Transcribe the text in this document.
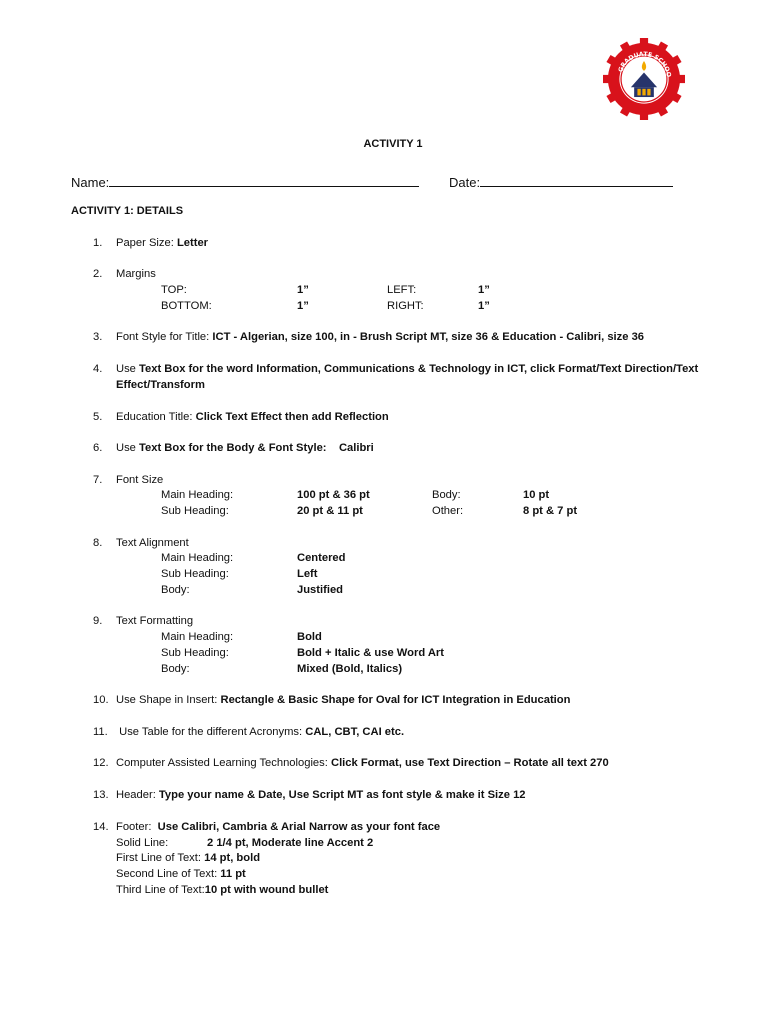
GRADUATE SCHOO
ACTIVITY 1
Name:	Date:
ACTIVITY 1: DETAILS
1.	Paper Size: Letter
2.	Margins
TOP:	1”	LEFT:	1”
BOTTOM:	1”	RIGHT:	1”
3.	Font Style for Title: ICT - Algerian, size 100, in - Brush Script MT, size 36 & Education - Calibri, size 36
4.	Use Text Box for the word Information, Communications & Technology in ICT, click Format/Text Direction/Text Effect/Transform
5.	Education Title: Click Text Effect then add Reflection
6.	Use Text Box for the Body & Font Style: Calibri
7.	Font Size
Main Heading:	100 pt & 36 pt	Body:	10 pt
Sub Heading:	20 pt & 11 pt	Other:	8 pt & 7 pt
8.	Text Alignment
Main Heading:	Centered
Sub Heading:	Left
Body:	Justified
9.	Text Formatting
Main Heading:	Bold
Sub Heading:	Bold + Italic & use Word Art
Body:	Mixed (Bold, Italics)
10. Use Shape in Insert: Rectangle & Basic Shape for Oval for ICT Integration in Education
11. Use Table for the different Acronyms: CAL, CBT, CAI etc.
12. Computer Assisted Learning Technologies: Click Format, use Text Direction – Rotate all text 270
13. Header: Type your name & Date, Use Script MT as font style & make it Size 12
14. Footer:  Use Calibri, Cambria & Arial Narrow as your font face
Solid Line:	2 1/4 pt, Moderate line Accent 2
First Line of Text: 14 pt, bold
Second Line of Text: 11 pt
Third Line of Text:10 pt with wound bullet
